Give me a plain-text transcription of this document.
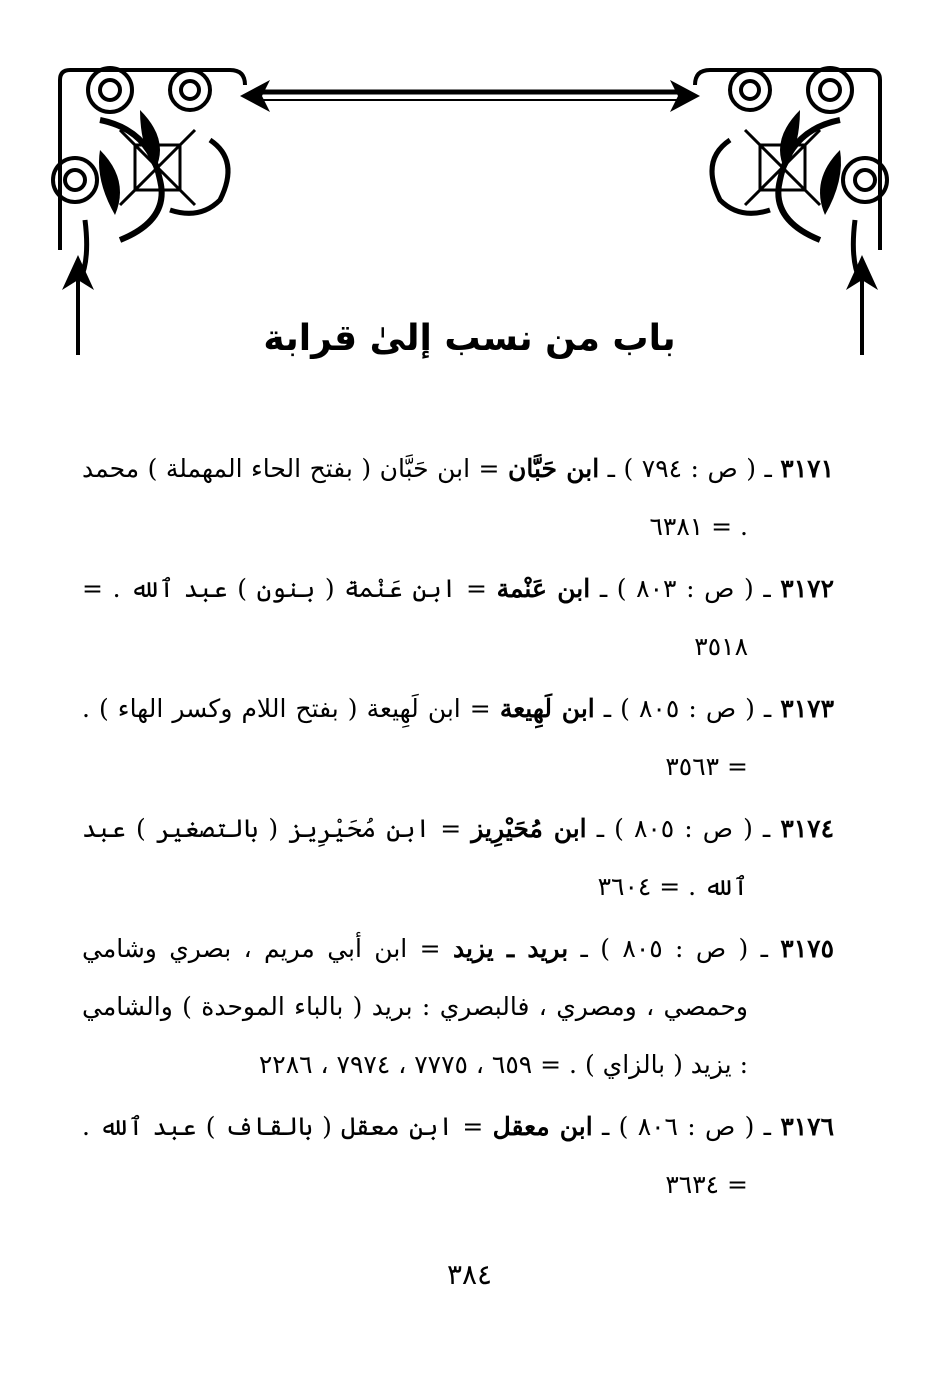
باب من نسب إلىٰ قرابة

٣١٧١ ـ ( ص : ٧٩٤ ) ـ ابن حَبَّان = ابن حَبَّان ( بفتح الحاء المهملة ) محمد . = ٦٣٨١

٣١٧٢ ـ ( ص : ٨٠٣ ) ـ ابن عَنْمة = ابن عَنْمة ( بنون ) عبد ٱلله . = ٣٥١٨

٣١٧٣ ـ ( ص : ٨٠٥ ) ـ ابن لَهِيعة = ابن لَهِيعة ( بفتح اللام وكسر الهاء ) . = ٣٥٦٣

٣١٧٤ ـ ( ص : ٨٠٥ ) ـ ابن مُحَيْرِيز = ابن مُحَيْرِيز ( بالتصغير ) عبد ٱلله . = ٣٦٠٤

٣١٧٥ ـ ( ص : ٨٠٥ ) ـ بريد ـ يزيد = ابن أبي مريم ، بصري وشامي وحمصي ، ومصري ، فالبصري : بريد ( بالباء الموحدة ) والشامي : يزيد ( بالزاي ) . = ٦٥٩ ، ٧٧٧٥ ، ٧٩٧٤ ، ٢٢٨٦

٣١٧٦ ـ ( ص : ٨٠٦ ) ـ ابن معقل = ابن معقل ( بالقاف ) عبد ٱلله . = ٣٦٣٤

٣٨٤
